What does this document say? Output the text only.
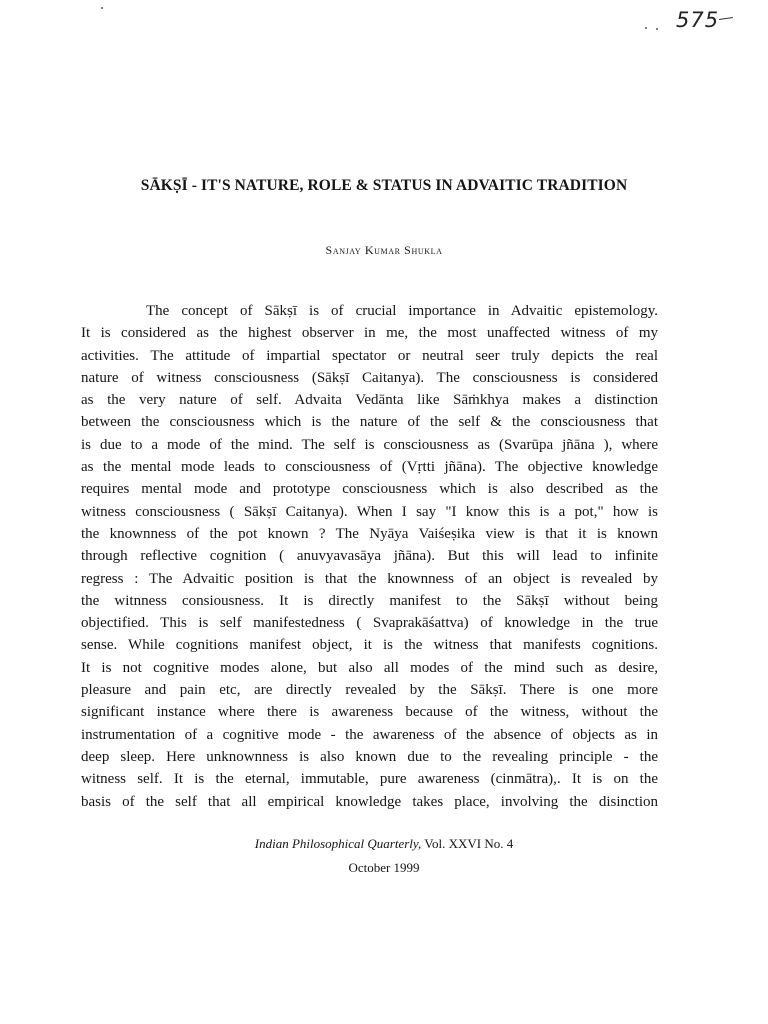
575
SĀKṢĪ - IT'S NATURE, ROLE & STATUS IN ADVAITIC TRADITION
Sanjay Kumar Shukla
The concept of Sākṣī is of crucial importance in Advaitic epistemology.
It is considered as the highest observer in me, the most unaffected witness of my
activities. The attitude of impartial spectator or neutral seer truly depicts the real
nature of witness consciousness (Sākṣī Caitanya). The consciousness is considered
as the very nature of self. Advaita Vedānta like Sāṁkhya makes a distinction
between the consciousness which is the nature of the self & the consciousness that
is due to a mode of the mind. The self is consciousness as (Svarūpa jñāna ), where
as the mental mode leads to consciousness of (Vṛtti jñāna). The objective knowledge
requires mental mode and prototype consciousness which is also described as the
witness consciousness ( Sākṣī Caitanya). When I say "I know this is a pot," how is
the knownness of the pot known ? The Nyāya Vaiśeṣika view is that it is known
through reflective cognition ( anuvyavasāya jñāna). But this will lead to infinite
regress : The Advaitic position is that the knownness of an object is revealed by
the witnness consiousness. It is directly manifest to the Sākṣī without being
objectified. This is self manifestedness ( Svaprakāśattva) of knowledge in the true
sense. While cognitions manifest object, it is the witness that manifests cognitions.
It is not cognitive modes alone, but also all modes of the mind such as desire,
pleasure and pain etc, are directly revealed by the Sākṣī. There is one more
significant instance where there is awareness because of the witness, without the
instrumentation of a cognitive mode - the awareness of the absence of objects as in
deep sleep. Here unknownness is also known due to the revealing principle - the
witness self. It is the eternal, immutable, pure awareness (cinmātra),. It is on the
basis of the self that all empirical knowledge takes place, involving the disinction
Indian Philosophical Quarterly, Vol. XXVI No. 4
October 1999
